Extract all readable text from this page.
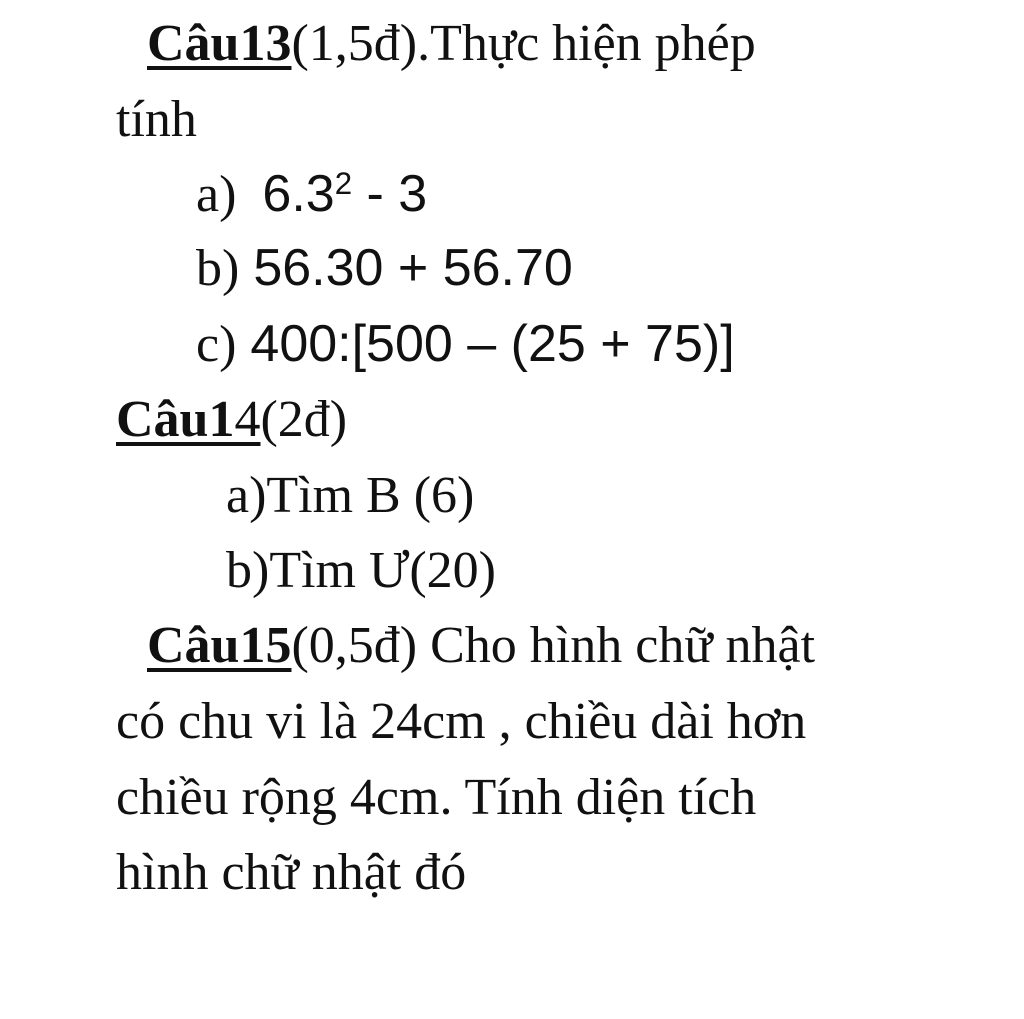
Câu13(1,5đ).Thực hiện phép
tính
a) $6.3^2 - 3$
b) 56.30 + 56.70
c) 400:[500 – (25 + 75)]
Câu14(2đ)
a)Tìm B (6)
b)Tìm Ư(20)
Câu15(0,5đ) Cho hình chữ nhật
có chu vi là 24cm , chiều dài hơn
chiều rộng 4cm. Tính diện tích
hình chữ nhật đó
